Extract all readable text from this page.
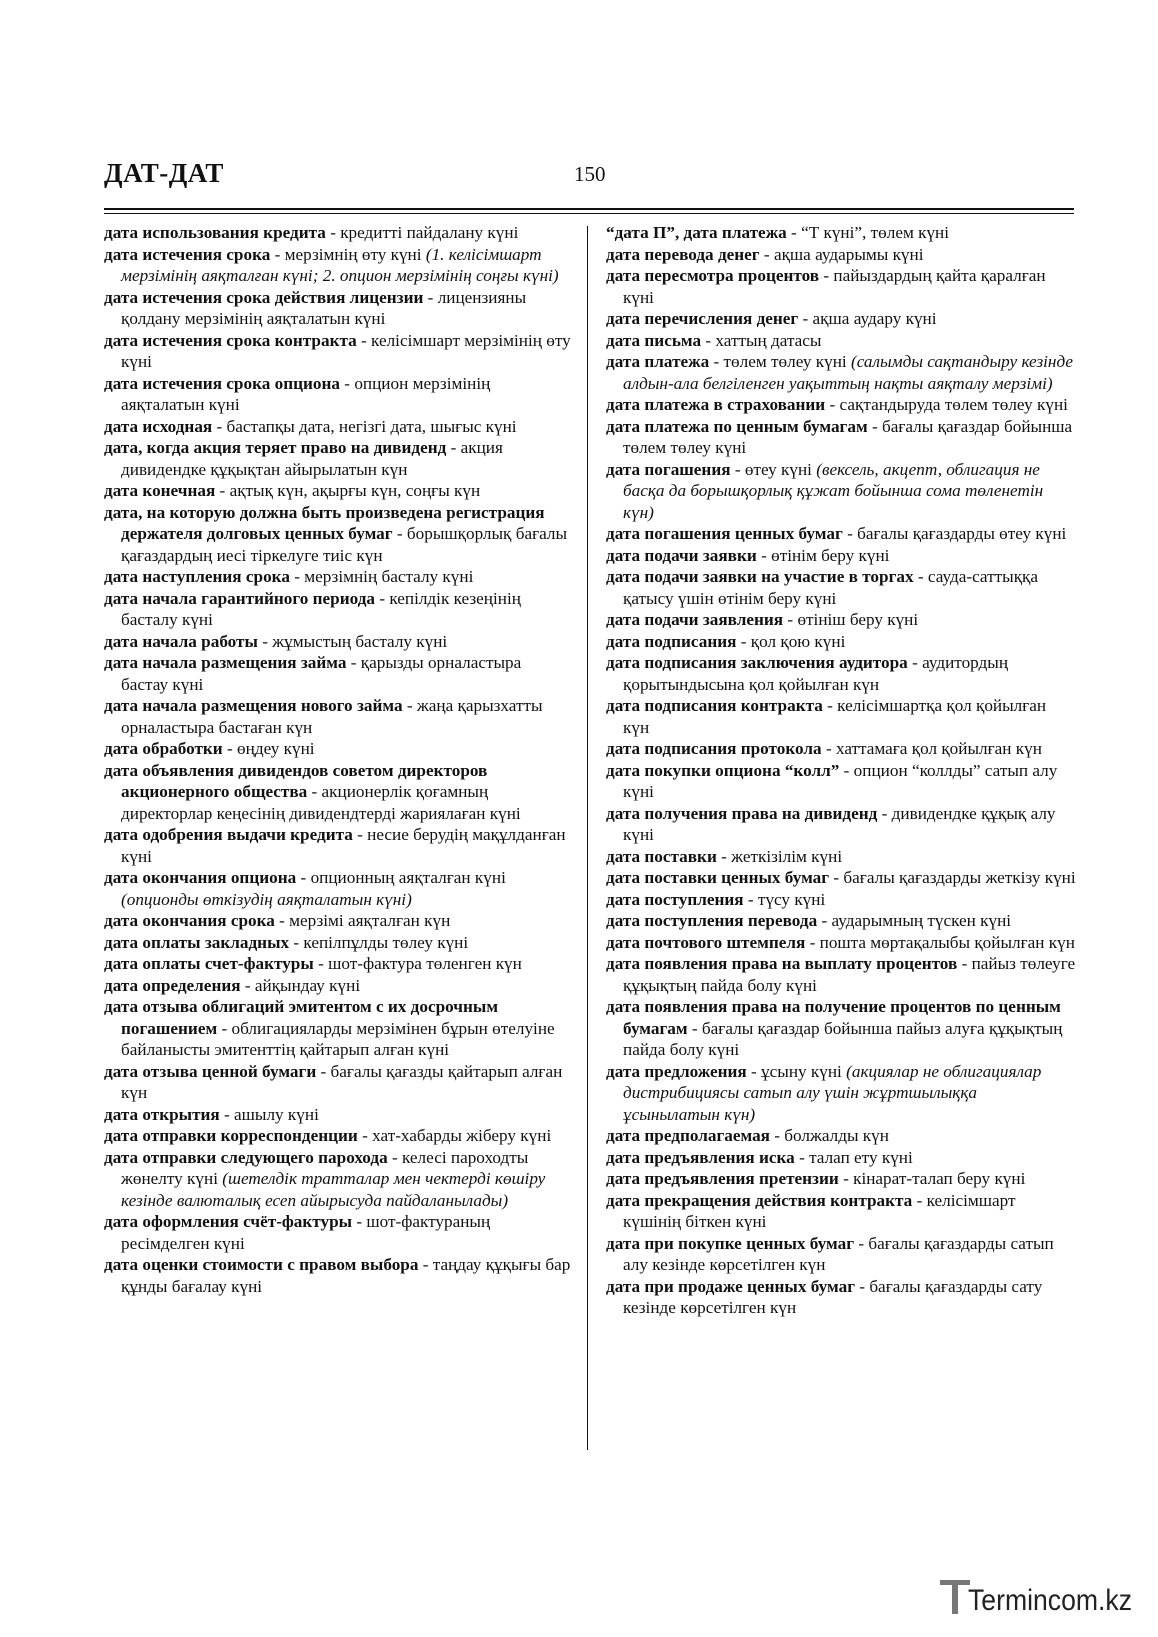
ДАТ-ДАТ	150

дата использования кредита - кредитті пайдалану күні

дата истечения срока - мерзімнің өту күні (1. келісімшарт мерзімінің аяқталған күні; 2. опцион мерзімінің соңғы күні)

дата истечения срока действия лицензии - лицензияны қолдану мерзімінің аяқталатын күні

дата истечения срока контракта - келісімшарт мерзімінің өту күні

дата истечения срока опциона - опцион мерзімінің аяқталатын күні

дата исходная - бастапқы дата, негізгі дата, шығыс күні

дата, когда акция теряет право на дивиденд - акция дивидендке құқықтан айырылатын күн

дата конечная - ақтық күн, ақырғы күн, соңғы күн

дата, на которую должна быть произведена регистрация держателя долговых ценных бумаг - борышқорлық бағалы қағаздардың иесі тіркелуге тиіс күн

дата наступления срока - мерзімнің басталу күні

дата начала гарантийного периода - кепілдік кезеңінің басталу күні

дата начала работы - жұмыстың басталу күні

дата начала размещения займа - қарызды орналастыра бастау күні

дата начала размещения нового займа - жаңа қарызхатты орналастыра бастаған күн

дата обработки - өңдеу күні

дата объявления дивидендов советом директоров акционерного общества - акционерлік қоғамның директорлар кеңесінің дивидендтерді жариялаған күні

дата одобрения выдачи кредита - несие берудің мақұлданған күні

дата окончания опциона - опционның аяқталған күні (опционды өткізудің аяқталатын күні)

дата окончания срока - мерзімі аяқталған күн

дата оплаты закладных - кепілпұлды төлеу күні

дата оплаты счет-фактуры - шот-фактура төленген күн

дата определения - айқындау күні

дата отзыва облигаций эмитентом с их досрочным погашением - облигацияларды мерзімінен бұрын өтелуіне байланысты эмитенттің қайтарып алған күні

дата отзыва ценной бумаги - бағалы қағазды қайтарып алған күн

дата открытия - ашылу күні

дата отправки корреспонденции - хат-хабарды жіберу күні

дата отправки следующего парохода - келесі пароходты жөнелту күні (шетелдік тратталар мен чектерді көшіру кезінде валюталық есеп айырысуда пайдаланылады)

дата оформления счёт-фактуры - шот-фактураның ресімделген күні

дата оценки стоимости с правом выбора - таңдау құқығы бар құнды бағалау күні

“дата П”, дата платежа - “Т күні”, төлем күні

дата перевода денег - ақша аударымы күні

дата пересмотра процентов - пайыздардың қайта қаралған күні

дата перечисления денег - ақша аудару күні

дата письма - хаттың датасы

дата платежа - төлем төлеу күні (салымды сақтандыру кезінде алдын-ала белгіленген уақыттың нақты аяқталу мерзімі)

дата платежа в страховании - сақтандыруда төлем төлеу күні

дата платежа по ценным бумагам - бағалы қағаздар бойынша төлем төлеу күні

дата погашения - өтеу күні (вексель, акцепт, облигация не басқа да борышқорлық құжат бойынша сома төленетін күн)

дата погашения ценных бумаг - бағалы қағаздарды өтеу күні

дата подачи заявки - өтінім беру күні

дата подачи заявки на участие в торгах - сауда-саттыққа қатысу үшін өтінім беру күні

дата подачи заявления - өтініш беру күні

дата подписания - қол қою күні

дата подписания заключения аудитора - аудитордың қорытындысына қол қойылған күн

дата подписания контракта - келісімшартқа қол қойылған күн

дата подписания протокола - хаттамаға қол қойылған күн

дата покупки опциона “колл” - опцион “коллды” сатып алу күні

дата получения права на дивиденд - дивидендке құқық алу күні

дата поставки - жеткізілім күні

дата поставки ценных бумаг - бағалы қағаздарды жеткізу күні

дата поступления - түсу күні

дата поступления перевода - аударымның түскен күні

дата почтового штемпеля - пошта мөртақалыбы қойылған күн

дата появления права на выплату процентов - пайыз төлеуге құқықтың пайда болу күні

дата появления права на получение процентов по ценным бумагам - бағалы қағаздар бойынша пайыз алуға құқықтың пайда болу күні

дата предложения - ұсыну күні (акциялар не облигациялар дистрибициясы сатып алу үшін жұртшылыққа ұсынылатын күн)

дата предполагаемая - болжалды күн

дата предъявления иска - талап ету күні

дата предъявления претензии - кінарат-талап беру күні

дата прекращения действия контракта - келісімшарт күшінің біткен күні

дата при покупке ценных бумаг - бағалы қағаздарды сатып алу кезінде көрсетілген күн

дата при продаже ценных бумаг - бағалы қағаздарды сату кезінде көрсетілген күн

Termincom.kz
